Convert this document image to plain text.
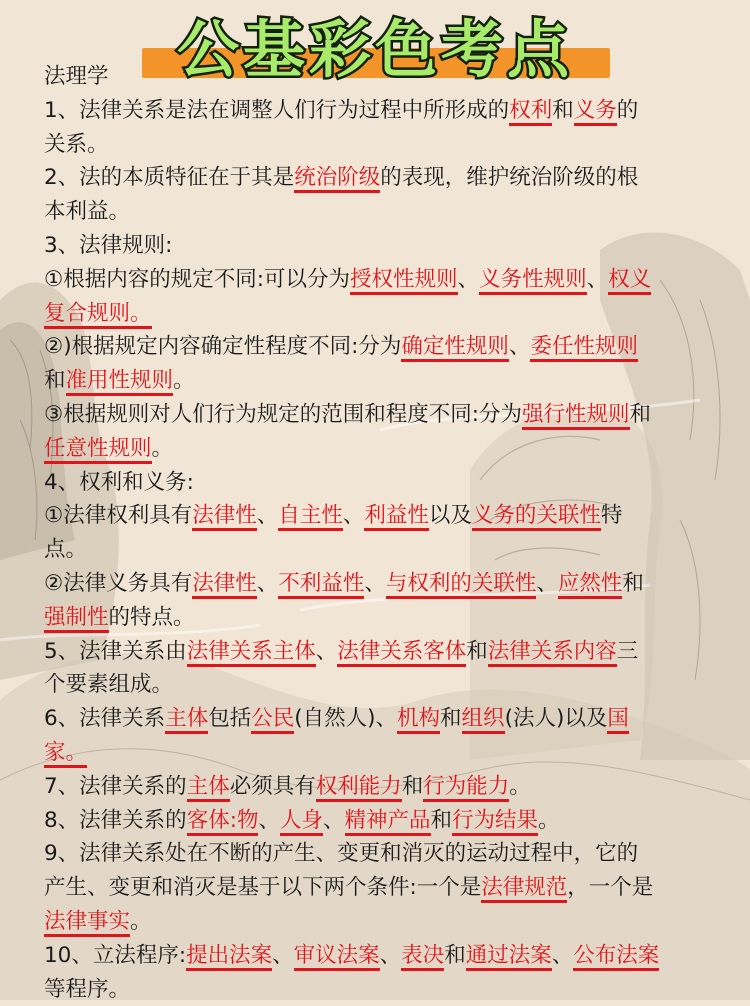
公基彩色考点
法理学
1、法律关系是法在调整人们行为过程中所形成的权利和义务的
关系。
2、法的本质特征在于其是统治阶级的表现，维护统治阶级的根
本利益。
3、法律规则:
①根据内容的规定不同:可以分为授权性规则、义务性规则、权义
复合规则。
②)根据规定内容确定性程度不同:分为确定性规则、委任性规则
和准用性规则。
③根据规则对人们行为规定的范围和程度不同:分为强行性规则和
任意性规则。
4、权利和义务:
①法律权利具有法律性、自主性、利益性以及义务的关联性特
点。
②法律义务具有法律性、不利益性、与权利的关联性、应然性和
强制性的特点。
5、法律关系由法律关系主体、法律关系客体和法律关系内容三
个要素组成。
6、法律关系主体包括公民(自然人)、机构和组织(法人)以及国
家。
7、法律关系的主体必须具有权利能力和行为能力。
8、法律关系的客体:物、人身、精神产品和行为结果。
9、法律关系处在不断的产生、变更和消灭的运动过程中，它的
产生、变更和消灭是基于以下两个条件:一个是法律规范，一个是
法律事实。
10、立法程序:提出法案、审议法案、表决和通过法案、公布法案
等程序。
